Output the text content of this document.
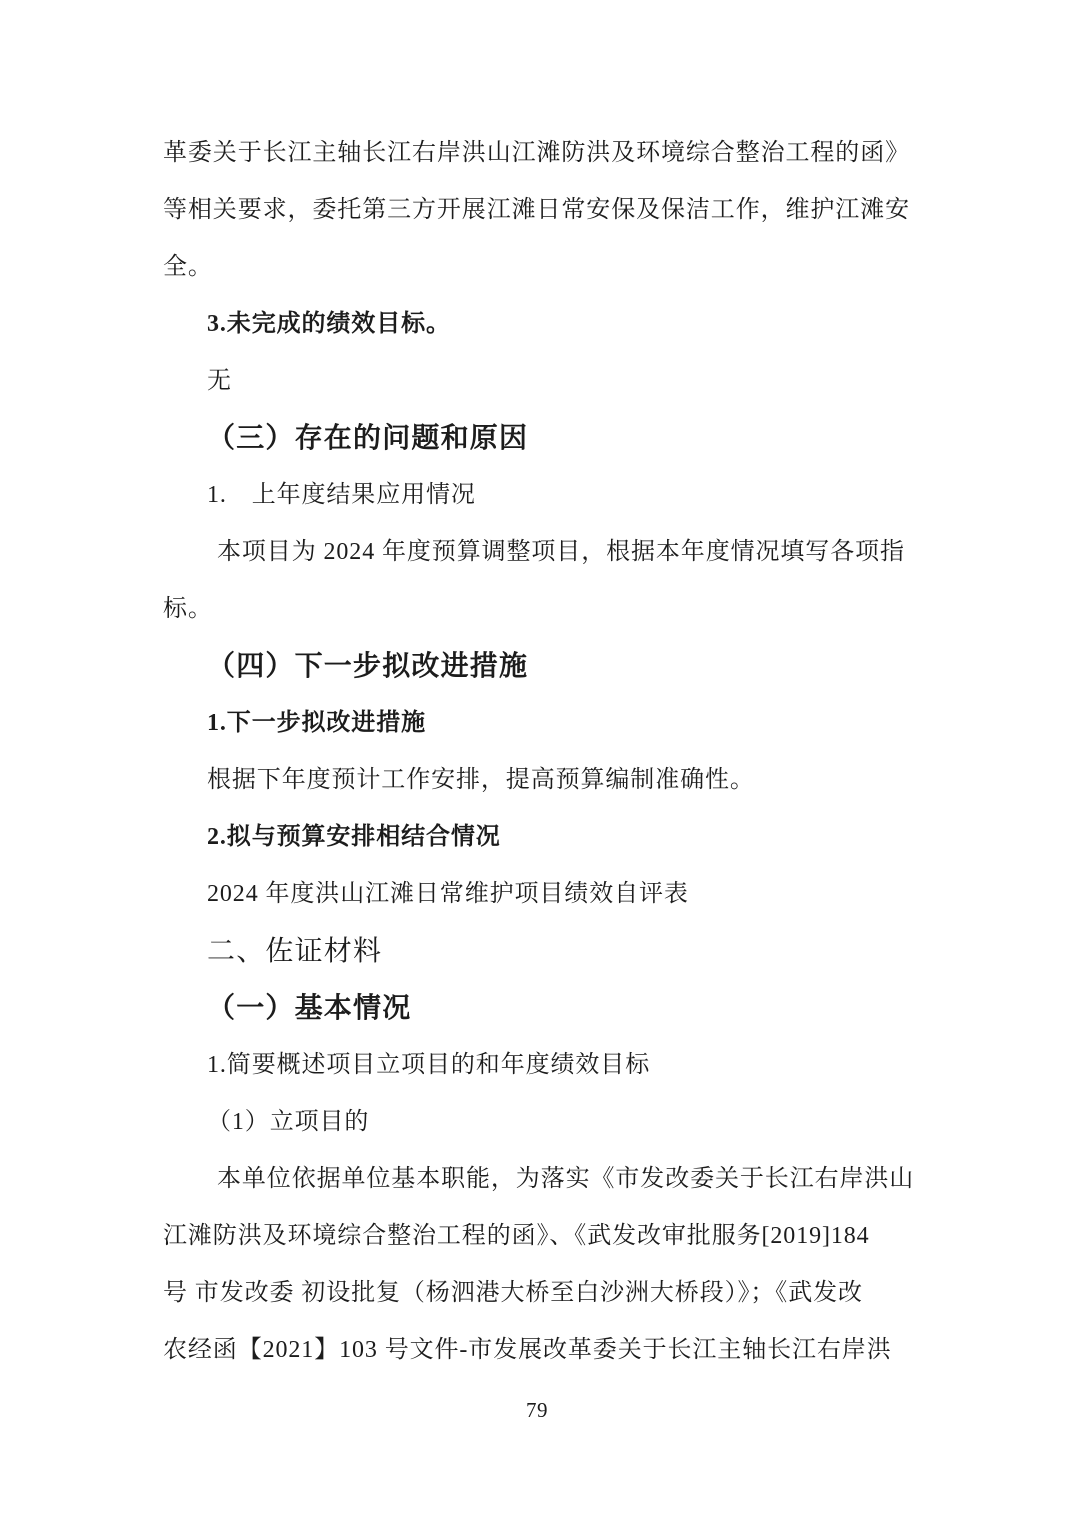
革委关于长江主轴长江右岸洪山江滩防洪及环境综合整治工程的函》
等相关要求，委托第三方开展江滩日常安保及保洁工作，维护江滩安
全。
3.未完成的绩效目标。
无
（三）存在的问题和原因
1.　上年度结果应用情况
本项目为 2024 年度预算调整项目，根据本年度情况填写各项指
标。
（四）下一步拟改进措施
1.下一步拟改进措施
根据下年度预计工作安排，提高预算编制准确性。
2.拟与预算安排相结合情况
2024 年度洪山江滩日常维护项目绩效自评表
二、佐证材料
（一）基本情况
1.简要概述项目立项目的和年度绩效目标
（1）立项目的
本单位依据单位基本职能，为落实《市发改委关于长江右岸洪山
江滩防洪及环境综合整治工程的函》、《武发改审批服务[2019]184
号 市发改委 初设批复（杨泗港大桥至白沙洲大桥段）》；《武发改
农经函【2021】103 号文件-市发展改革委关于长江主轴长江右岸洪
79
